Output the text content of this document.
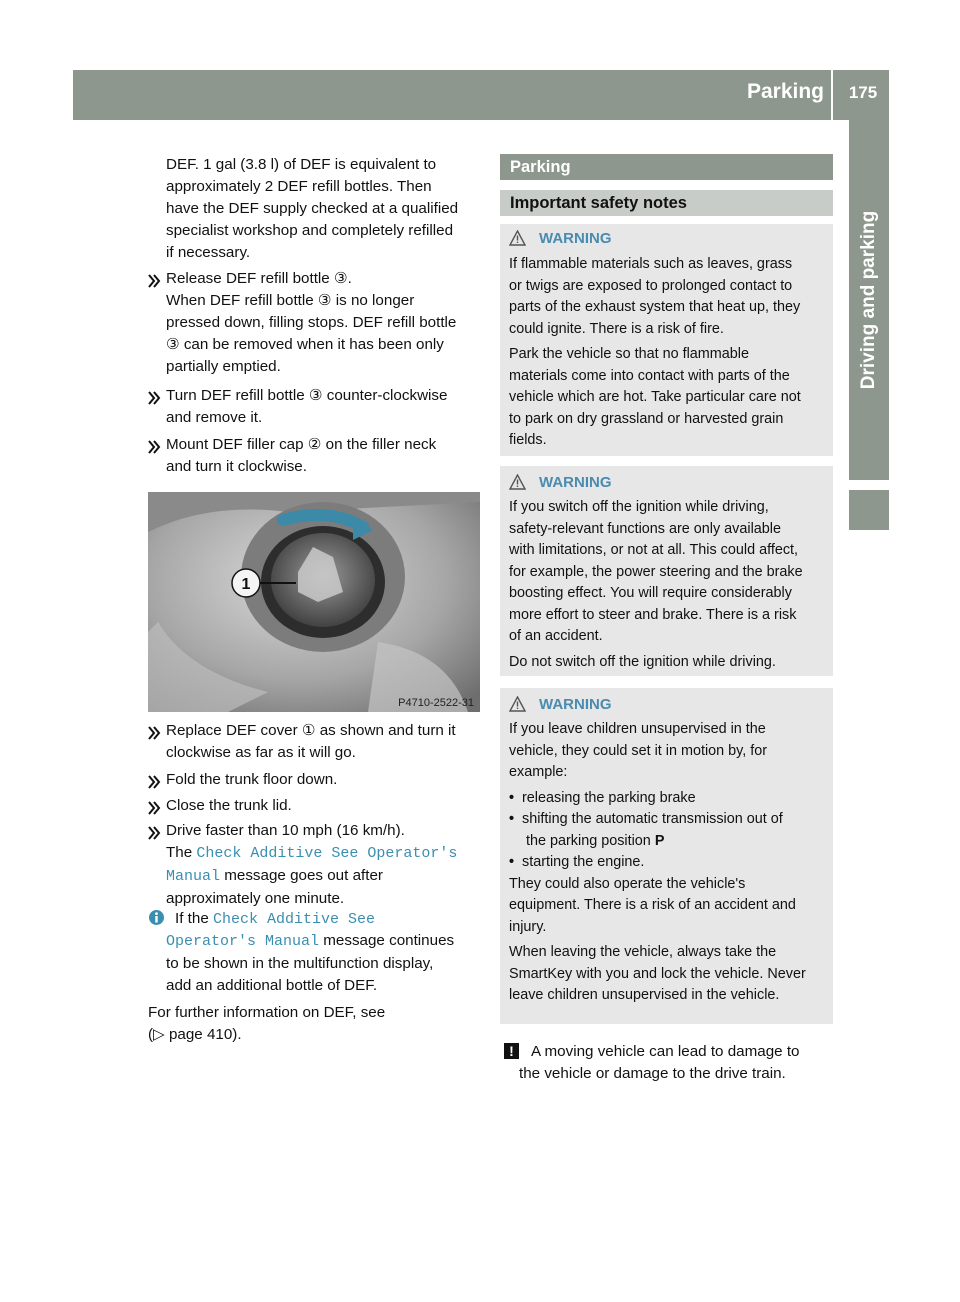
Parking	175
Driving and parking
DEF. 1 gal (3.8 l) of DEF is equivalent to
approximately 2 DEF refill bottles. Then
have the DEF supply checked at a qualified
specialist workshop and completely refilled
if necessary.
Release DEF refill bottle ③.
When DEF refill bottle ③ is no longer
pressed down, filling stops. DEF refill bottle
③ can be removed when it has been only
partially emptied.
Turn DEF refill bottle ③ counter-clockwise
and remove it.
Mount DEF filler cap ② on the filler neck
and turn it clockwise.
1
P4710-2522-31
Replace DEF cover ① as shown and turn it
clockwise as far as it will go.
Fold the trunk floor down.
Close the trunk lid.
Drive faster than 10 mph (16 km/h).
The Check Additive See Operator's
Manual message goes out after
approximately one minute.
If the Check Additive See
Operator's Manual message continues
to be shown in the multifunction display,
add an additional bottle of DEF.
For further information on DEF, see
(▷ page 410).
Parking
Important safety notes
WARNING
If flammable materials such as leaves, grass
or twigs are exposed to prolonged contact to
parts of the exhaust system that heat up, they
could ignite. There is a risk of fire.
Park the vehicle so that no flammable
materials come into contact with parts of the
vehicle which are hot. Take particular care not
to park on dry grassland or harvested grain
fields.
WARNING
If you switch off the ignition while driving,
safety-relevant functions are only available
with limitations, or not at all. This could affect,
for example, the power steering and the brake
boosting effect. You will require considerably
more effort to steer and brake. There is a risk
of an accident.
Do not switch off the ignition while driving.
WARNING
If you leave children unsupervised in the
vehicle, they could set it in motion by, for
example:
• releasing the parking brake
• shifting the automatic transmission out of
the parking position P
• starting the engine.
They could also operate the vehicle's
equipment. There is a risk of an accident and
injury.
When leaving the vehicle, always take the
SmartKey with you and lock the vehicle. Never
leave children unsupervised in the vehicle.
!	A moving vehicle can lead to damage to
the vehicle or damage to the drive train.
